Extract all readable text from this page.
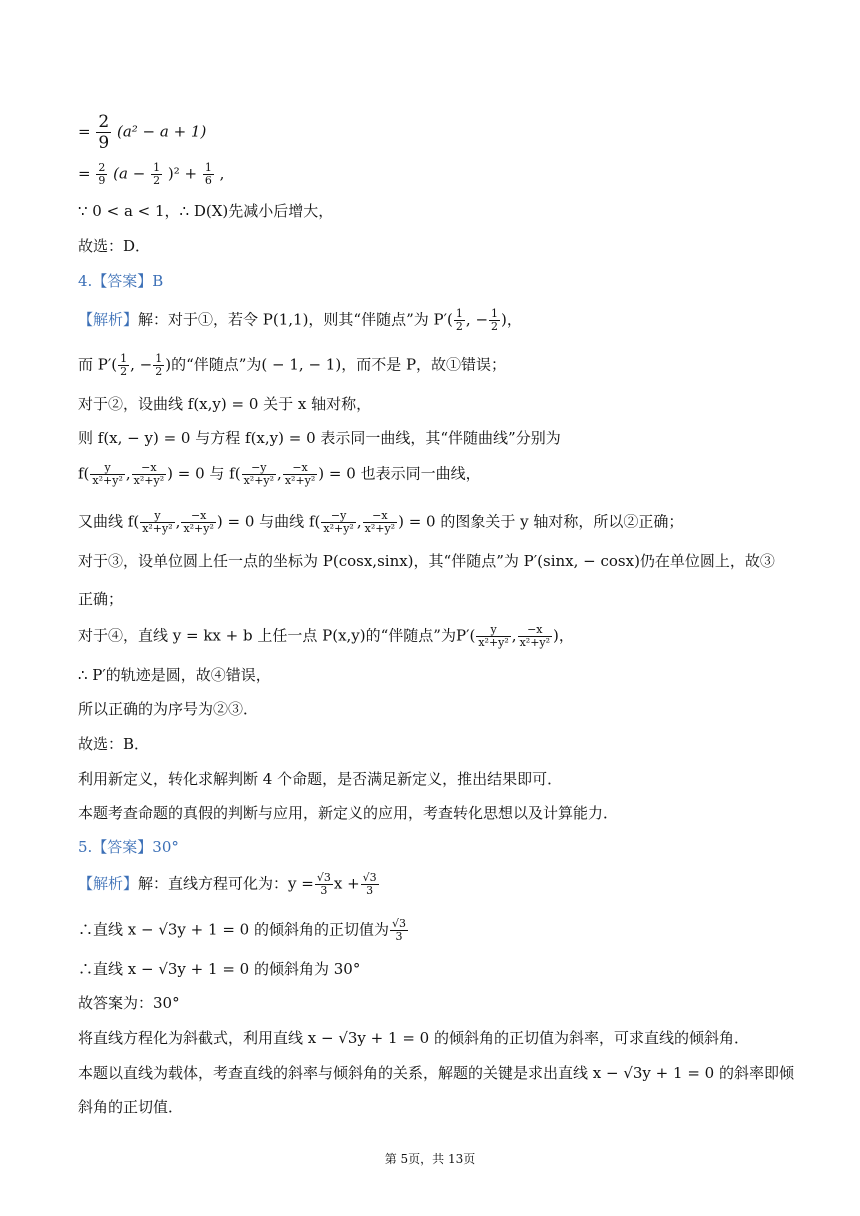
= $\frac{2}{9} (a^2 - a + 1)$
= $\frac{2}{9} (a - \frac{1}{2} )^2 + \frac{1}{6}$ ,
∵ 0 < a < 1，∴ D(X)先减小后增大，
故选：D．
4.【答案】B
【解析】解：对于①，若令 P(1,1)，则其“伴随点”为 $P'( \frac{1}{2}$ , − $\frac{1}{2}$ )，
而 $P'( \frac{1}{2}$ , − $\frac{1}{2}$ )的“伴随点”为( − 1, − 1)，而不是 P，故①错误；
对于②，设曲线 f(x,y) = 0 关于 x 轴对称，
则 f(x, − y) = 0 与方程 f(x,y) = 0 表示同一曲线，其“伴随曲线”分别为
$f( \frac{y}{\text{x²+y²}}$ , $\frac{-x}{\text{x²+y²}}$ ) = 0 与 $f( \frac{-y}{\text{x²+y²}}$ , $\frac{-x}{\text{x²+y²}}$ ) = 0 也表示同一曲线，
又曲线 $f( \frac{y}{\text{x²+y²}}$ , $\frac{-x}{\text{x²+y²}}$ ) = 0 与曲线 $f( \frac{-y}{\text{x²+y²}}$ , $\frac{-x}{\text{x²+y²}}$ ) = 0 的图象关于 y 轴对称，所以②正确；
对于③，设单位圆上任一点的坐标为 P(cosx,sinx)，其“伴随点”为 P′(sinx, − cosx)仍在单位圆上，故③
正确；
对于④，直线 y = kx + b 上任一点 P(x,y)的“伴随点”为$P'( \frac{y}{\text{x²+y²}}$ , $\frac{-x}{\text{x²+y²}}$ )，
∴ P′的轨迹是圆，故④错误，
所以正确的为序号为②③．
故选：B．
利用新定义，转化求解判断 4 个命题，是否满足新定义，推出结果即可．
本题考查命题的真假的判断与应用，新定义的应用，考查转化思想以及计算能力．
5.【答案】30°
【解析】解：直线方程可化为：$y = \frac{√3}{3}$ $x + \frac{√3}{3}$
∴直线 x − √3y + 1 = 0 的倾斜角的正切值为 $\frac{√3}{3}$
∴直线 x − √3y + 1 = 0 的倾斜角为 30°
故答案为：30°
将直线方程化为斜截式，利用直线 x − √3y + 1 = 0 的倾斜角的正切值为斜率，可求直线的倾斜角．
本题以直线为载体，考查直线的斜率与倾斜角的关系，解题的关键是求出直线 x − √3y + 1 = 0 的斜率即倾
斜角的正切值．
第 5页，共 13页
